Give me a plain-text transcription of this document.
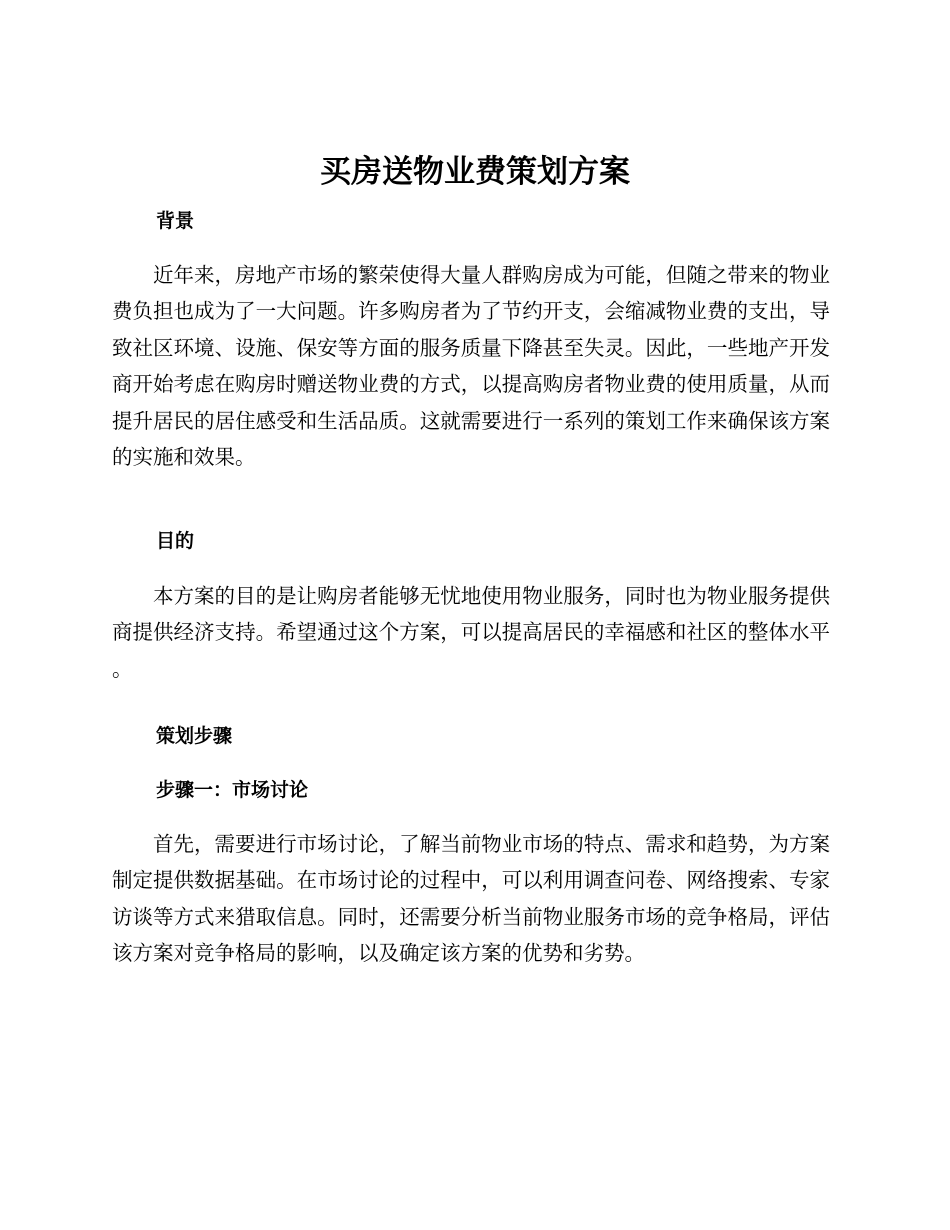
买房送物业费策划方案
背景

近年来，房地产市场的繁荣使得大量人群购房成为可能，但随之带来的物业费负担也成为了一大问题。许多购房者为了节约开支，会缩减物业费的支出，导致社区环境、设施、保安等方面的服务质量下降甚至失灵。因此，一些地产开发商开始考虑在购房时赠送物业费的方式，以提高购房者物业费的使用质量，从而提升居民的居住感受和生活品质。这就需要进行一系列的策划工作来确保该方案的实施和效果。

目的

本方案的目的是让购房者能够无忧地使用物业服务，同时也为物业服务提供商提供经济支持。希望通过这个方案，可以提高居民的幸福感和社区的整体水平。

策划步骤
步骤一：市场讨论

首先，需要进行市场讨论，了解当前物业市场的特点、需求和趋势，为方案制定提供数据基础。在市场讨论的过程中，可以利用调查问卷、网络搜索、专家访谈等方式来猎取信息。同时，还需要分析当前物业服务市场的竞争格局，评估该方案对竞争格局的影响，以及确定该方案的优势和劣势。
